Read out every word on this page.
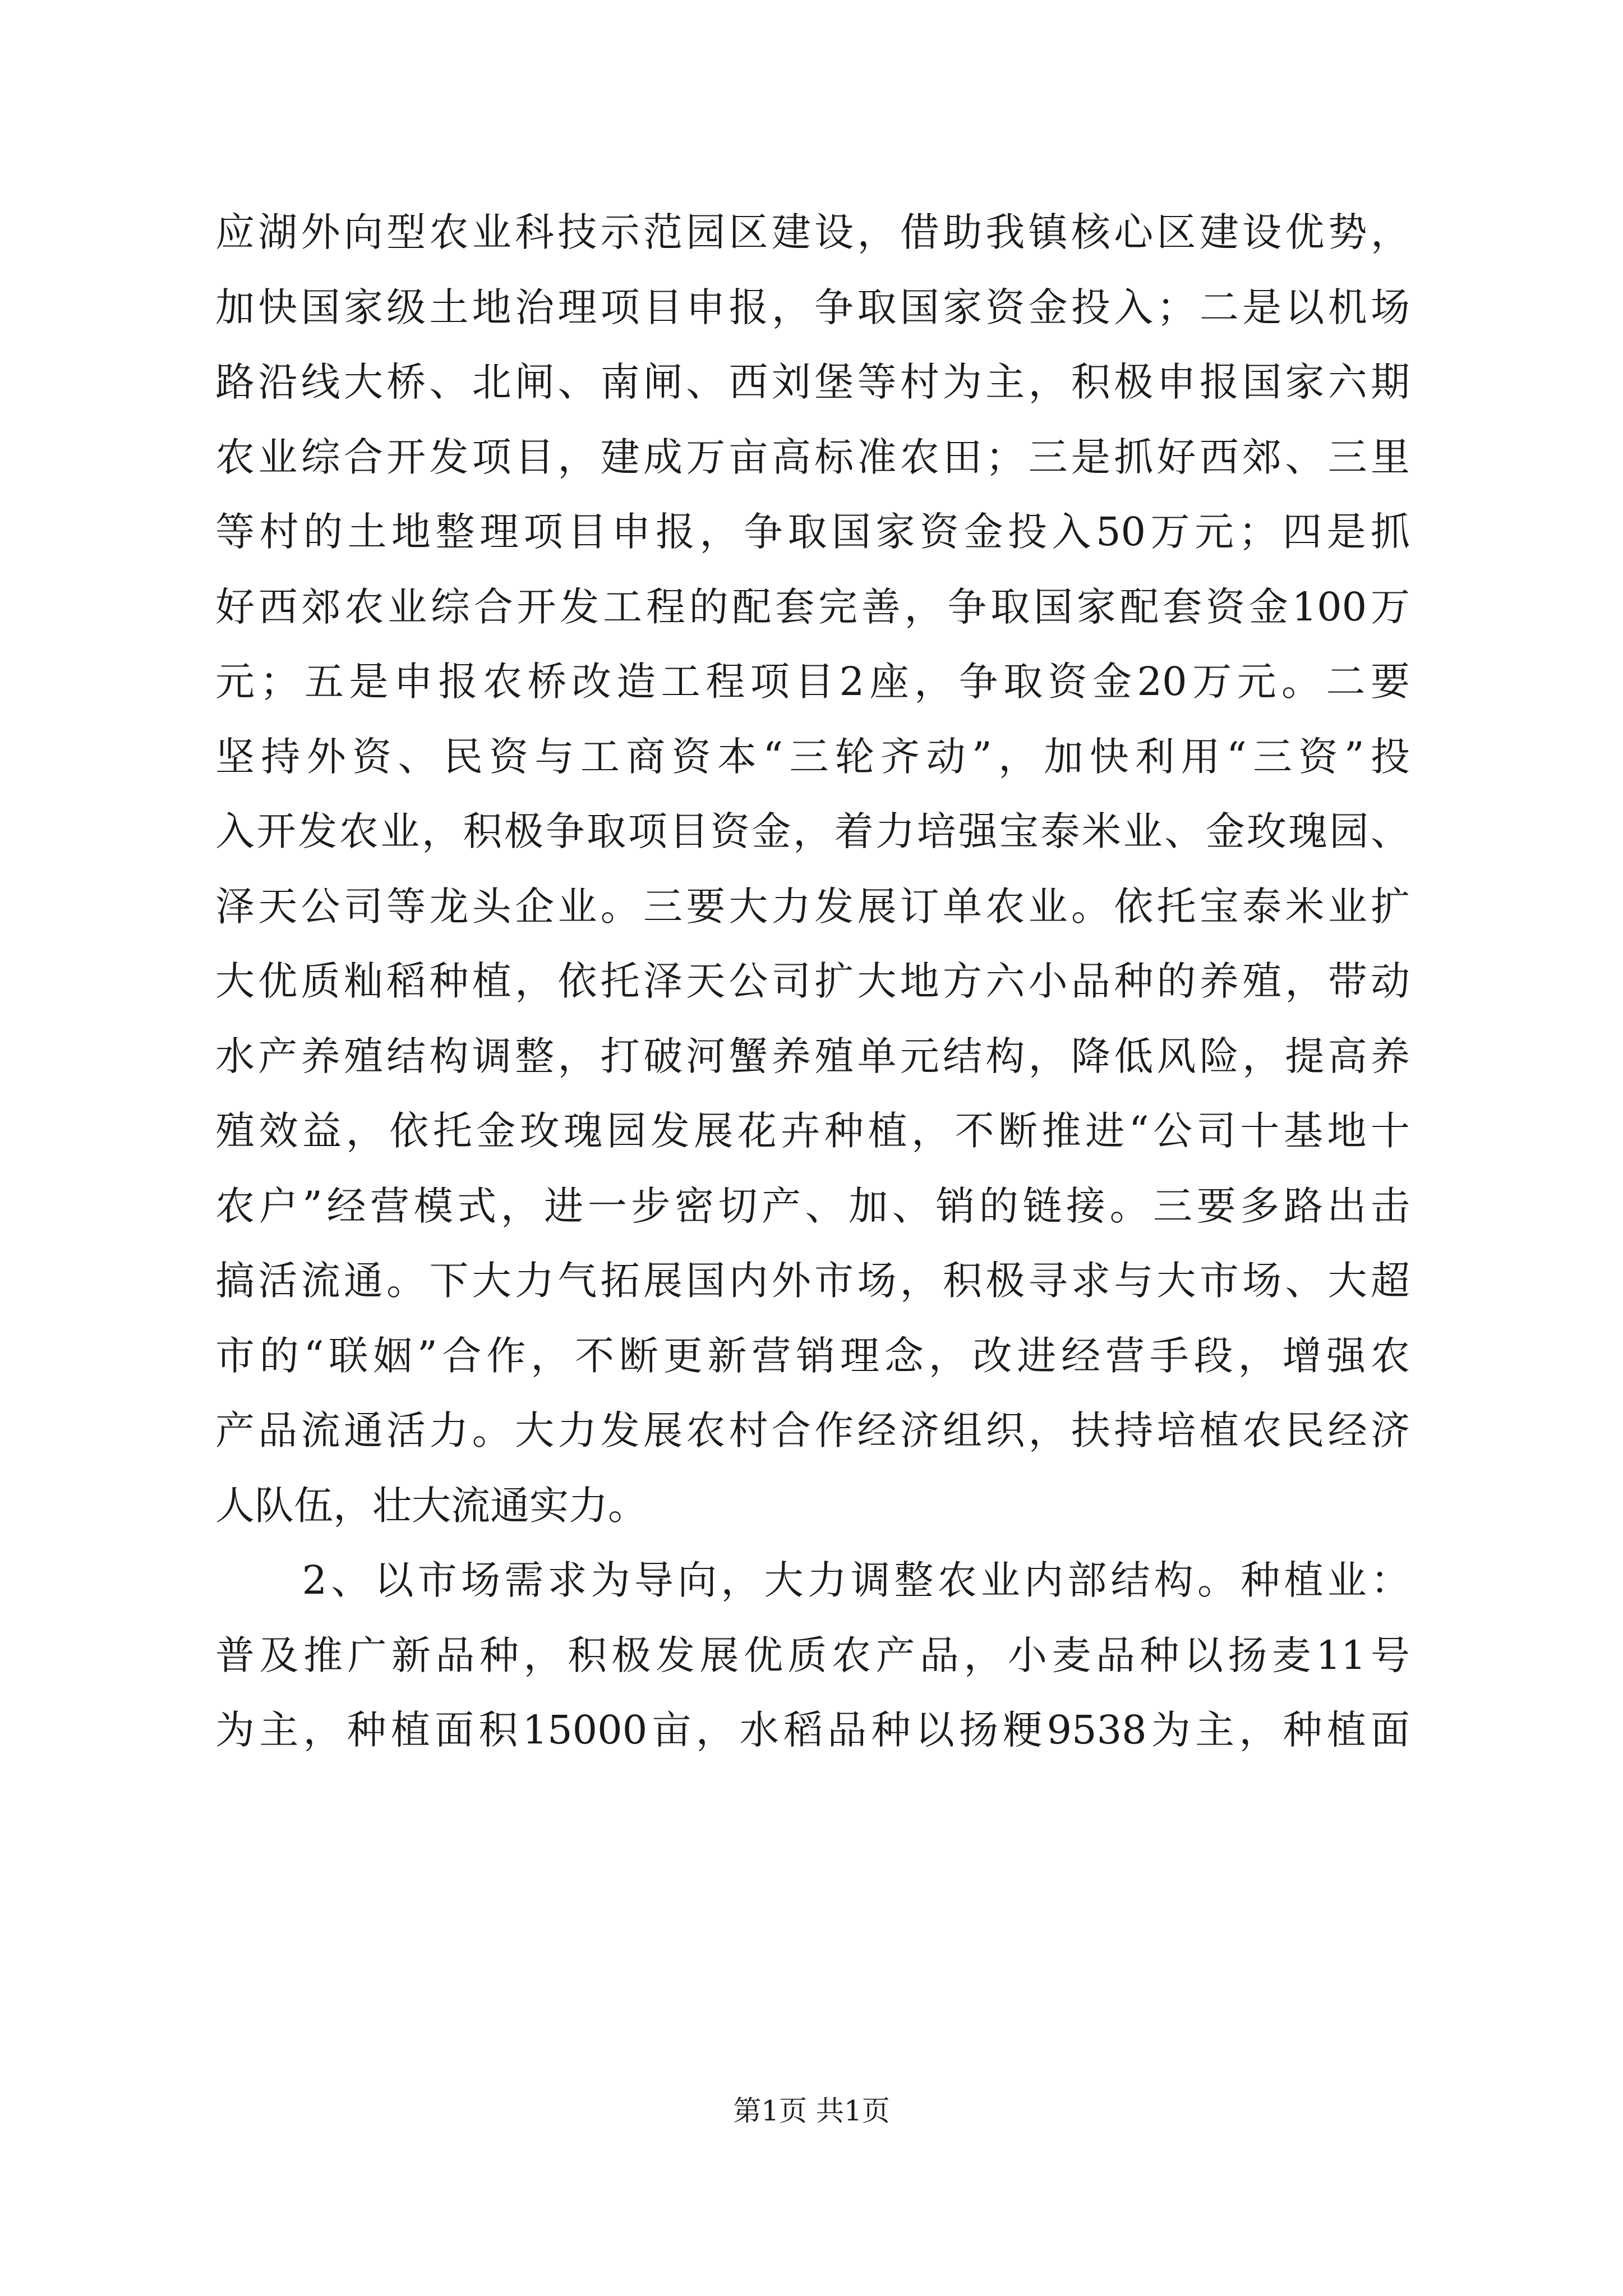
应湖外向型农业科技示范园区建设，借助我镇核心区建设优势，
加快国家级土地治理项目申报，争取国家资金投入；二是以机场
路沿线大桥、北闸、南闸、西刘堡等村为主，积极申报国家六期
农业综合开发项目，建成万亩高标准农田；三是抓好西郊、三里
等村的土地整理项目申报，争取国家资金投入50万元；四是抓
好西郊农业综合开发工程的配套完善，争取国家配套资金100万
元；五是申报农桥改造工程项目2座，争取资金20万元。二要
坚持外资、民资与工商资本“三轮齐动”，加快利用“三资”投
入开发农业，积极争取项目资金，着力培强宝泰米业、金玫瑰园、
泽天公司等龙头企业。三要大力发展订单农业。依托宝泰米业扩
大优质籼稻种植，依托泽天公司扩大地方六小品种的养殖，带动
水产养殖结构调整，打破河蟹养殖单元结构，降低风险，提高养
殖效益，依托金玫瑰园发展花卉种植，不断推进“公司十基地十
农户”经营模式，进一步密切产、加、销的链接。三要多路出击
搞活流通。下大力气拓展国内外市场，积极寻求与大市场、大超
市的“联姻”合作，不断更新营销理念，改进经营手段，增强农
产品流通活力。大力发展农村合作经济组织，扶持培植农民经济
人队伍，壮大流通实力。
　　2、以市场需求为导向，大力调整农业内部结构。种植业：
普及推广新品种，积极发展优质农产品，小麦品种以扬麦11号
为主，种植面积15000亩，水稻品种以扬粳9538为主，种植面
第1页 共1页
